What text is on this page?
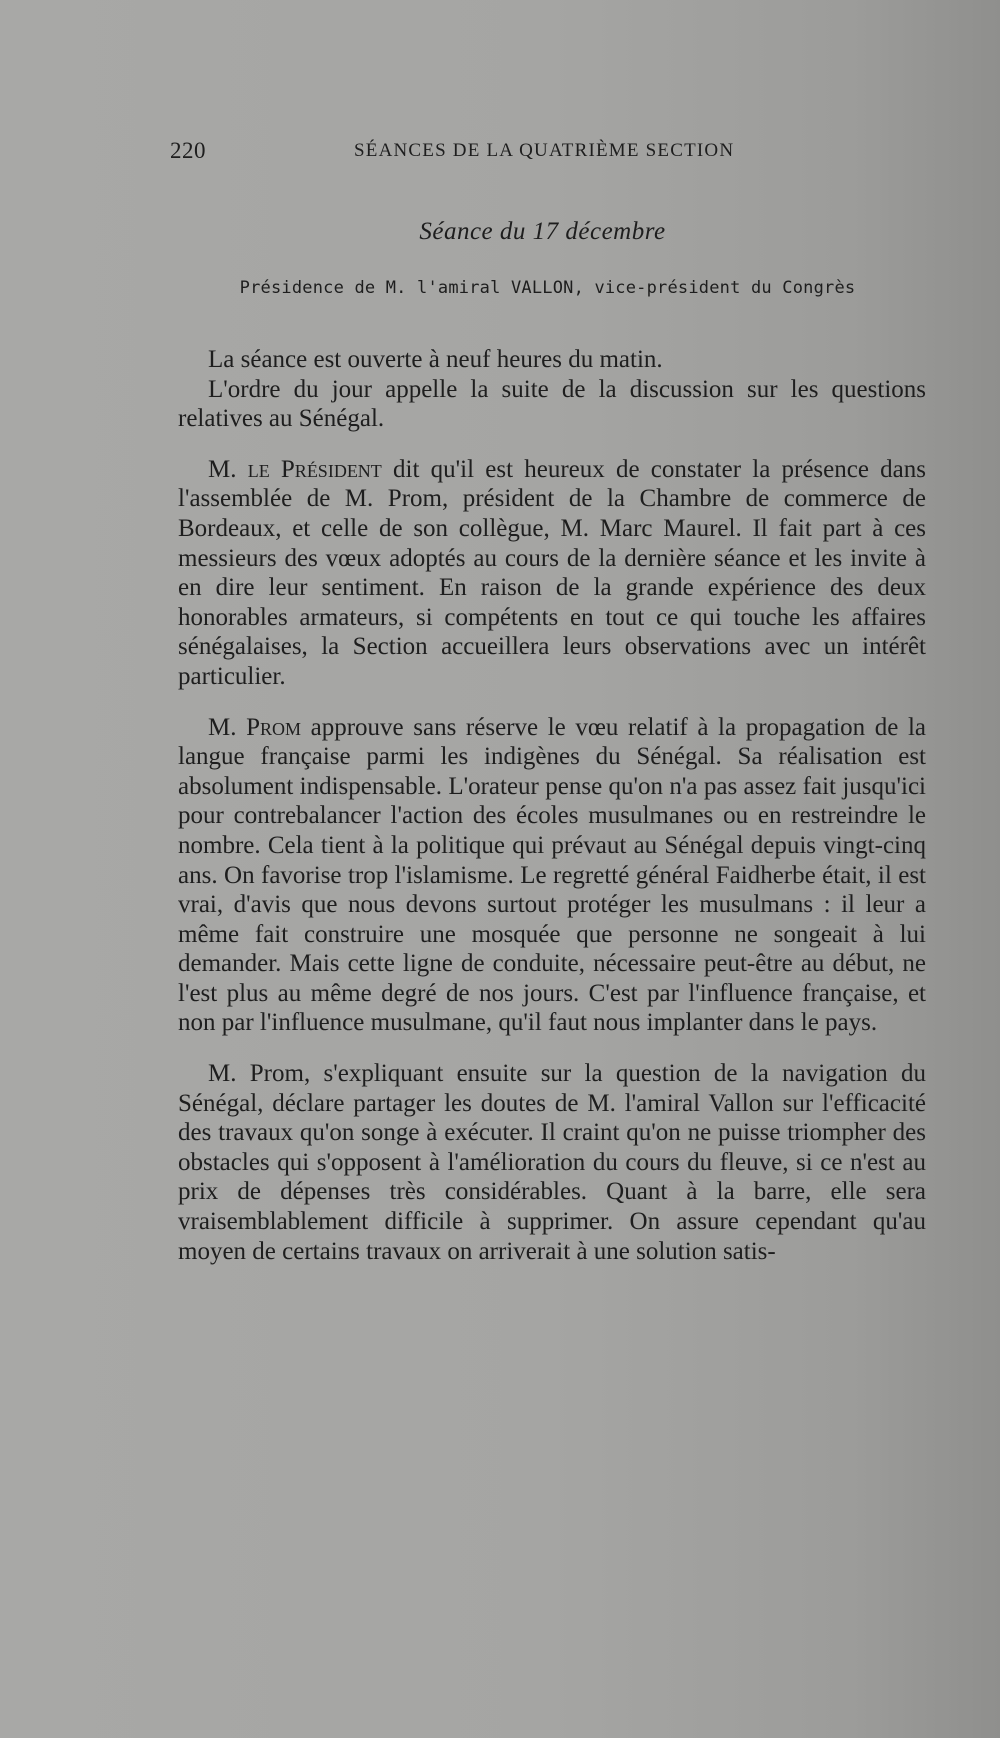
220	SÉANCES DE LA QUATRIÈME SECTION
Séance du 17 décembre
Présidence de M. l'amiral VALLON, vice-président du Congrès

La séance est ouverte à neuf heures du matin.

L'ordre du jour appelle la suite de la discussion sur les questions relatives au Sénégal.

M. le Président dit qu'il est heureux de constater la présence dans l'assemblée de M. Prom, président de la Chambre de commerce de Bordeaux, et celle de son collègue, M. Marc Maurel. Il fait part à ces messieurs des vœux adoptés au cours de la dernière séance et les invite à en dire leur sentiment. En raison de la grande expérience des deux honorables armateurs, si compétents en tout ce qui touche les affaires sénégalaises, la Section accueillera leurs observations avec un intérêt particulier.

M. Prom approuve sans réserve le vœu relatif à la propagation de la langue française parmi les indigènes du Sénégal. Sa réalisation est absolument indispensable. L'orateur pense qu'on n'a pas assez fait jusqu'ici pour contrebalancer l'action des écoles musulmanes ou en restreindre le nombre. Cela tient à la politique qui prévaut au Sénégal depuis vingt-cinq ans. On favorise trop l'islamisme. Le regretté général Faidherbe était, il est vrai, d'avis que nous devons surtout protéger les musulmans : il leur a même fait construire une mosquée que personne ne songeait à lui demander. Mais cette ligne de conduite, nécessaire peut-être au début, ne l'est plus au même degré de nos jours. C'est par l'influence française, et non par l'influence musulmane, qu'il faut nous implanter dans le pays.

M. Prom, s'expliquant ensuite sur la question de la navigation du Sénégal, déclare partager les doutes de M. l'amiral Vallon sur l'efficacité des travaux qu'on songe à exécuter. Il craint qu'on ne puisse triompher des obstacles qui s'opposent à l'amélioration du cours du fleuve, si ce n'est au prix de dépenses très considérables. Quant à la barre, elle sera vraisemblablement difficile à supprimer. On assure cependant qu'au moyen de certains travaux on arriverait à une solution satis-
